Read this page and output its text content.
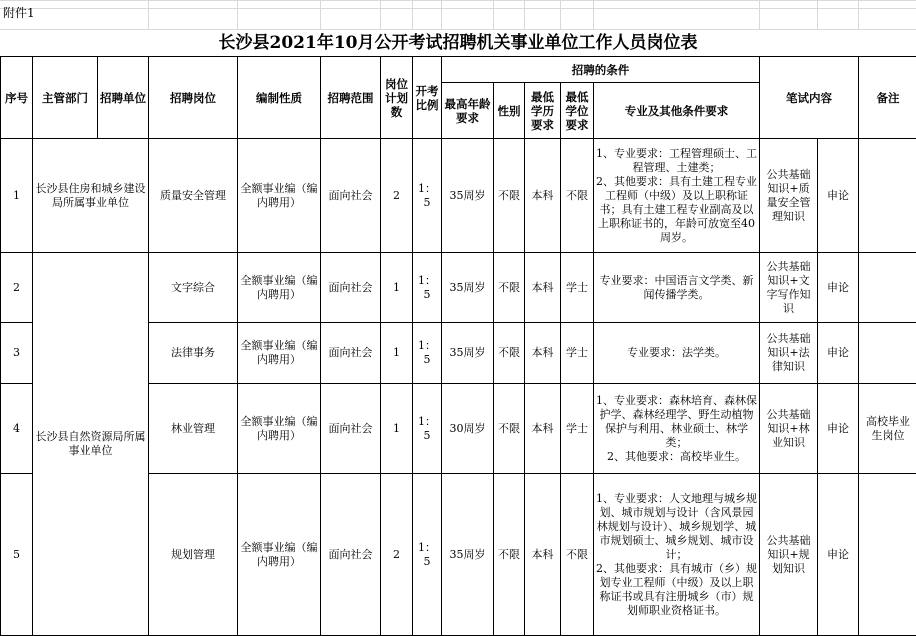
附件1
长沙县2021年10月公开考试招聘机关事业单位工作人员岗位表
序号	主管部门	招聘单位	招聘岗位	编制性质	招聘范围	岗位计划数	开考比例	招聘的条件					笔试内容		备注
								最高年龄要求	性别	最低学历要求	最低学位要求	专业及其他条件要求			
1	长沙县住房和城乡建设局所属事业单位		质量安全管理	全额事业编（编内聘用）	面向社会	2	1：5	35周岁	不限	本科	不限	1、专业要求：工程管理硕士、工程管理、土建类；
2、其他要求：具有土建工程专业工程师（中级）及以上职称证书；具有土建工程专业副高及以上职称证书的，年龄可放宽至40周岁。	公共基础知识+质量安全管理知识	申论	
2	长沙县自然资源局所属事业单位		文字综合	全额事业编（编内聘用）	面向社会	1	1：5	35周岁	不限	本科	学士	专业要求：中国语言文学类、新闻传播学类。	公共基础知识+文字写作知识	申论	
3			法律事务	全额事业编（编内聘用）	面向社会	1	1：5	35周岁	不限	本科	学士	专业要求：法学类。	公共基础知识+法律知识	申论	
4			林业管理	全额事业编（编内聘用）	面向社会	1	1：5	30周岁	不限	本科	学士	1、专业要求：森林培育、森林保护学、森林经理学、野生动植物保护与利用、林业硕士、林学类；
2、其他要求：高校毕业生。	公共基础知识+林业知识	申论	高校毕业生岗位
5			规划管理	全额事业编（编内聘用）	面向社会	2	1：5	35周岁	不限	本科	不限	1、专业要求：人文地理与城乡规划、城市规划与设计（含风景园林规划与设计）、城乡规划学、城市规划硕士、城乡规划、城市设计；
2、其他要求：具有城市（乡）规划专业工程师（中级）及以上职称证书或具有注册城乡（市）规划师职业资格证书。	公共基础知识+规划知识	申论	
